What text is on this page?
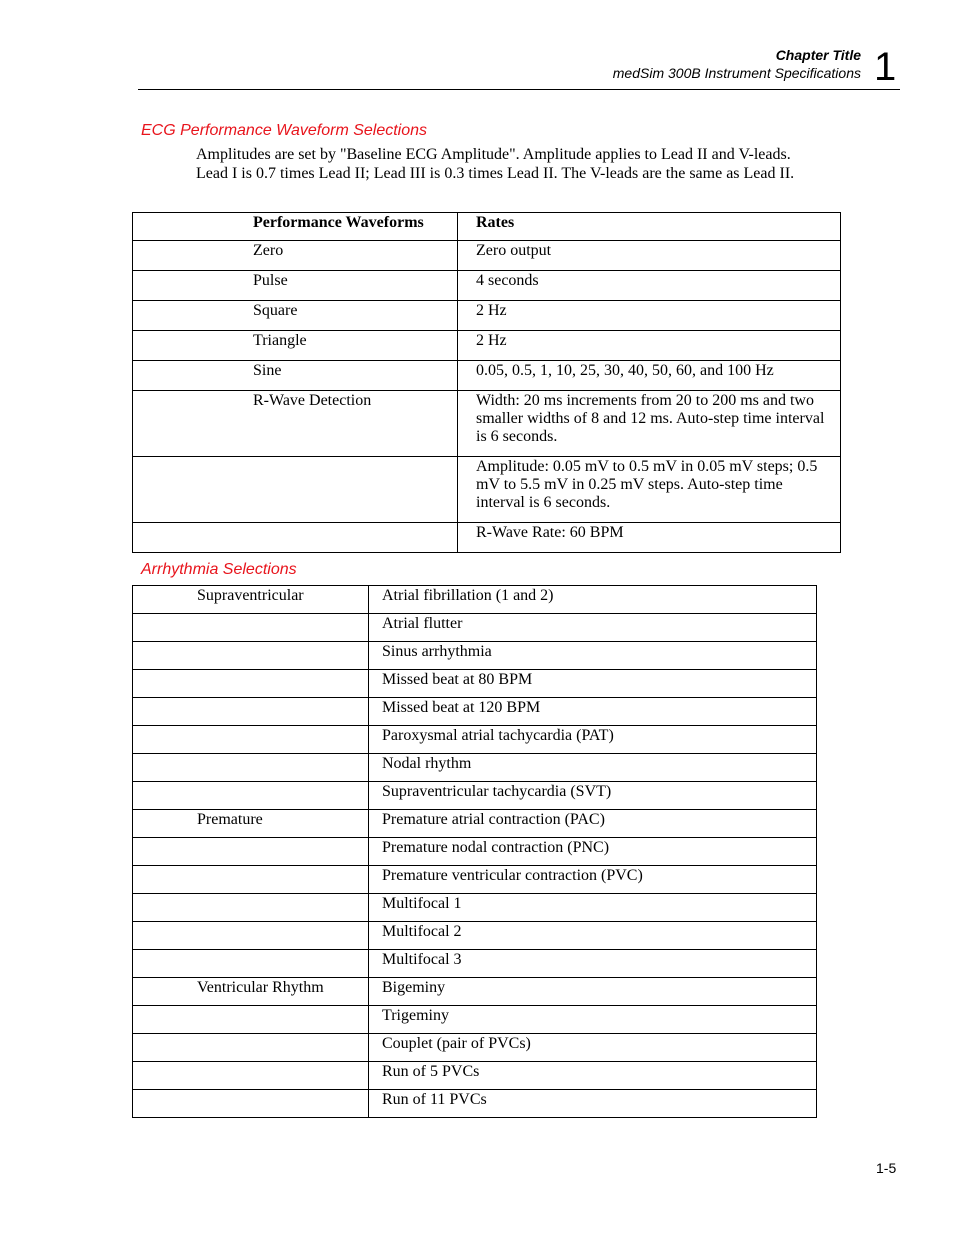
Chapter Title
medSim 300B Instrument Specifications 1
ECG Performance Waveform Selections
Amplitudes are set by "Baseline ECG Amplitude". Amplitude applies to Lead II and V-leads. Lead I is 0.7 times Lead II; Lead III is 0.3 times Lead II. The V-leads are the same as Lead II.
Performance Waveforms	Rates
Zero	Zero output
Pulse	4 seconds
Square	2 Hz
Triangle	2 Hz
Sine	0.05, 0.5, 1, 10, 25, 30, 40, 50, 60, and 100 Hz
R-Wave Detection	Width: 20 ms increments from 20 to 200 ms and two smaller widths of 8 and 12 ms. Auto-step time interval is 6 seconds.
	Amplitude: 0.05 mV to 0.5 mV in 0.05 mV steps; 0.5 mV to 5.5 mV in 0.25 mV steps. Auto-step time interval is 6 seconds.
	R-Wave Rate: 60 BPM
Arrhythmia Selections
Supraventricular	Atrial fibrillation (1 and 2)
	Atrial flutter
	Sinus arrhythmia
	Missed beat at 80 BPM
	Missed beat at 120 BPM
	Paroxysmal atrial tachycardia (PAT)
	Nodal rhythm
	Supraventricular tachycardia (SVT)
Premature	Premature atrial contraction (PAC)
	Premature nodal contraction (PNC)
	Premature ventricular contraction (PVC)
	Multifocal 1
	Multifocal 2
	Multifocal 3
Ventricular Rhythm	Bigeminy
	Trigeminy
	Couplet (pair of PVCs)
	Run of 5 PVCs
	Run of 11 PVCs
1-5
